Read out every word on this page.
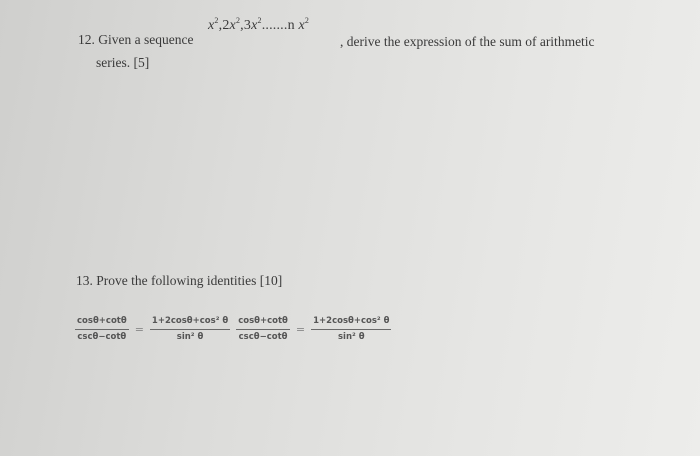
12. Given a sequence
$x^2,2x^2,3x^2.......n$ $x^2$
, derive the expression of the sum of arithmetic
series. [5]
13. Prove the following identities [10]
$\frac{\cos\theta+\cot\theta}{\csc\theta-\cot\theta} = \frac{\text{1+2cosθ+cos² θ}}{\text{sin² θ}} \frac{\cos\theta+\cot\theta}{\csc\theta-\cot\theta} = \frac{\text{1+2cosθ+cos² θ}}{\text{sin² θ}}$
